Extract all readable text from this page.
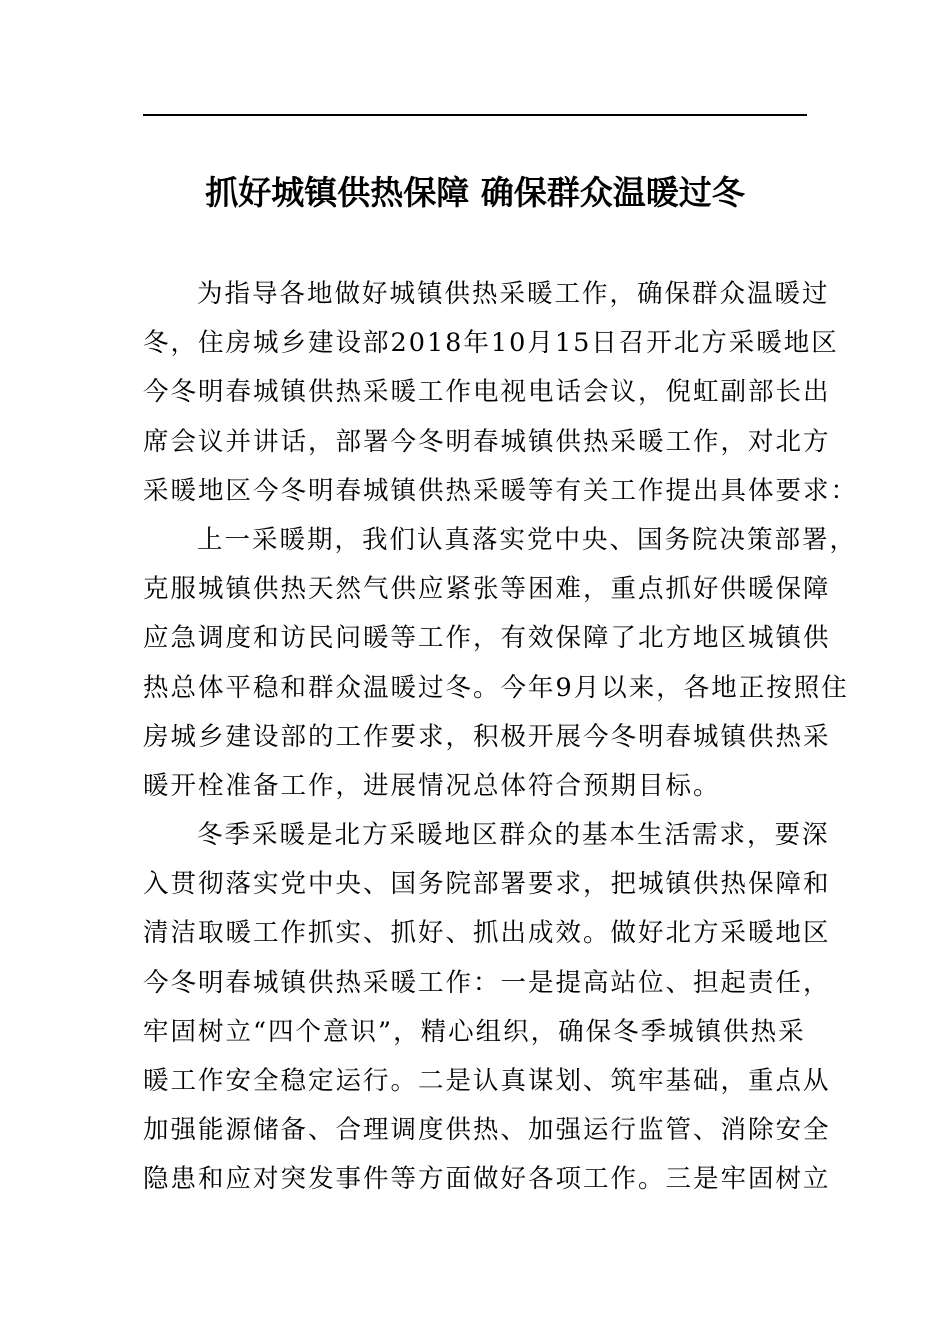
抓好城镇供热保障 确保群众温暖过冬
为指导各地做好城镇供热采暖工作，确保群众温暖过
冬，住房城乡建设部2018年10月15日召开北方采暖地区
今冬明春城镇供热采暖工作电视电话会议，倪虹副部长出
席会议并讲话，部署今冬明春城镇供热采暖工作，对北方
采暖地区今冬明春城镇供热采暖等有关工作提出具体要求：
上一采暖期，我们认真落实党中央、国务院决策部署，
克服城镇供热天然气供应紧张等困难，重点抓好供暖保障
应急调度和访民问暖等工作，有效保障了北方地区城镇供
热总体平稳和群众温暖过冬。今年9月以来，各地正按照住
房城乡建设部的工作要求，积极开展今冬明春城镇供热采
暖开栓准备工作，进展情况总体符合预期目标。
冬季采暖是北方采暖地区群众的基本生活需求，要深
入贯彻落实党中央、国务院部署要求，把城镇供热保障和
清洁取暖工作抓实、抓好、抓出成效。做好北方采暖地区
今冬明春城镇供热采暖工作：一是提高站位、担起责任，
牢固树立“四个意识”，精心组织，确保冬季城镇供热采
暖工作安全稳定运行。二是认真谋划、筑牢基础，重点从
加强能源储备、合理调度供热、加强运行监管、消除安全
隐患和应对突发事件等方面做好各项工作。三是牢固树立
